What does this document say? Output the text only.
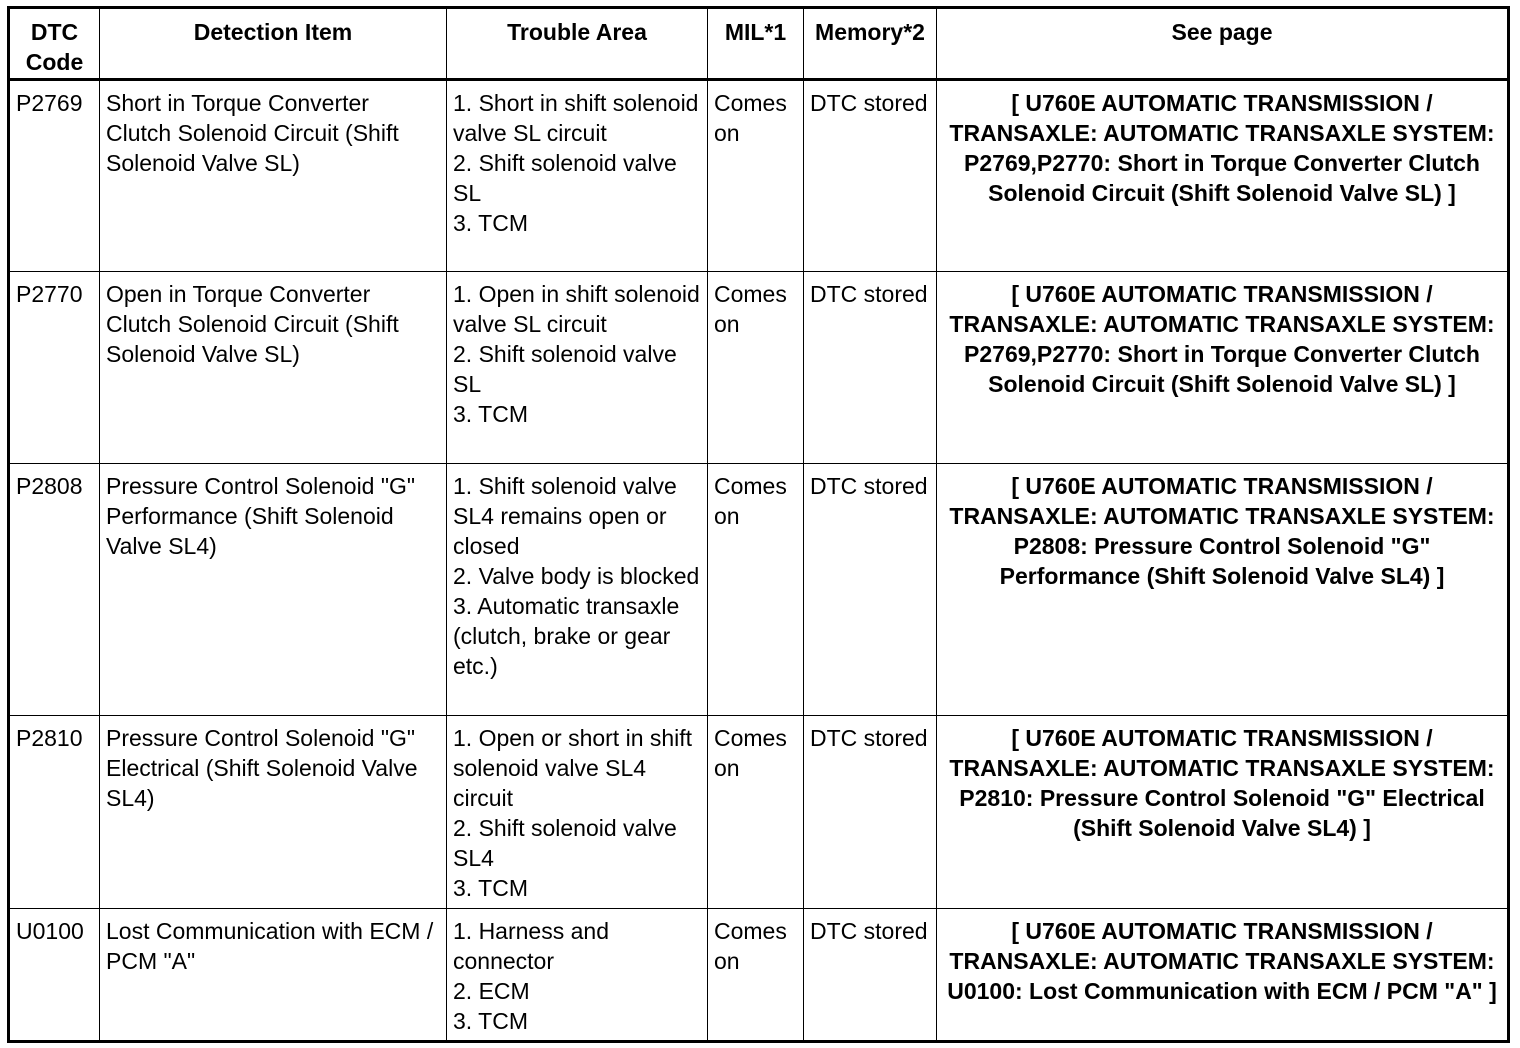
DTC
Code	Detection Item	Trouble Area	MIL*1	Memory*2	See page
P2769	Short in Torque Converter Clutch Solenoid Circuit (Shift Solenoid Valve SL)	1. Short in shift solenoid valve SL circuit
2. Shift solenoid valve SL
3. TCM	Comes on	DTC stored	[ U760E AUTOMATIC TRANSMISSION / TRANSAXLE: AUTOMATIC TRANSAXLE SYSTEM: P2769,P2770: Short in Torque Converter Clutch Solenoid Circuit (Shift Solenoid Valve SL) ]
P2770	Open in Torque Converter Clutch Solenoid Circuit (Shift Solenoid Valve SL)	1. Open in shift solenoid valve SL circuit
2. Shift solenoid valve SL
3. TCM	Comes on	DTC stored	[ U760E AUTOMATIC TRANSMISSION / TRANSAXLE: AUTOMATIC TRANSAXLE SYSTEM: P2769,P2770: Short in Torque Converter Clutch Solenoid Circuit (Shift Solenoid Valve SL) ]
P2808	Pressure Control Solenoid "G" Performance (Shift Solenoid Valve SL4)	1. Shift solenoid valve SL4 remains open or closed
2. Valve body is blocked
3. Automatic transaxle (clutch, brake or gear etc.)	Comes on	DTC stored	[ U760E AUTOMATIC TRANSMISSION / TRANSAXLE: AUTOMATIC TRANSAXLE SYSTEM: P2808: Pressure Control Solenoid "G" Performance (Shift Solenoid Valve SL4) ]
P2810	Pressure Control Solenoid "G" Electrical (Shift Solenoid Valve SL4)	1. Open or short in shift solenoid valve SL4 circuit
2. Shift solenoid valve SL4
3. TCM	Comes on	DTC stored	[ U760E AUTOMATIC TRANSMISSION / TRANSAXLE: AUTOMATIC TRANSAXLE SYSTEM: P2810: Pressure Control Solenoid "G" Electrical (Shift Solenoid Valve SL4) ]
U0100	Lost Communication with ECM / PCM "A"	1. Harness and connector
2. ECM
3. TCM	Comes on	DTC stored	[ U760E AUTOMATIC TRANSMISSION / TRANSAXLE: AUTOMATIC TRANSAXLE SYSTEM: U0100: Lost Communication with ECM / PCM "A" ]
